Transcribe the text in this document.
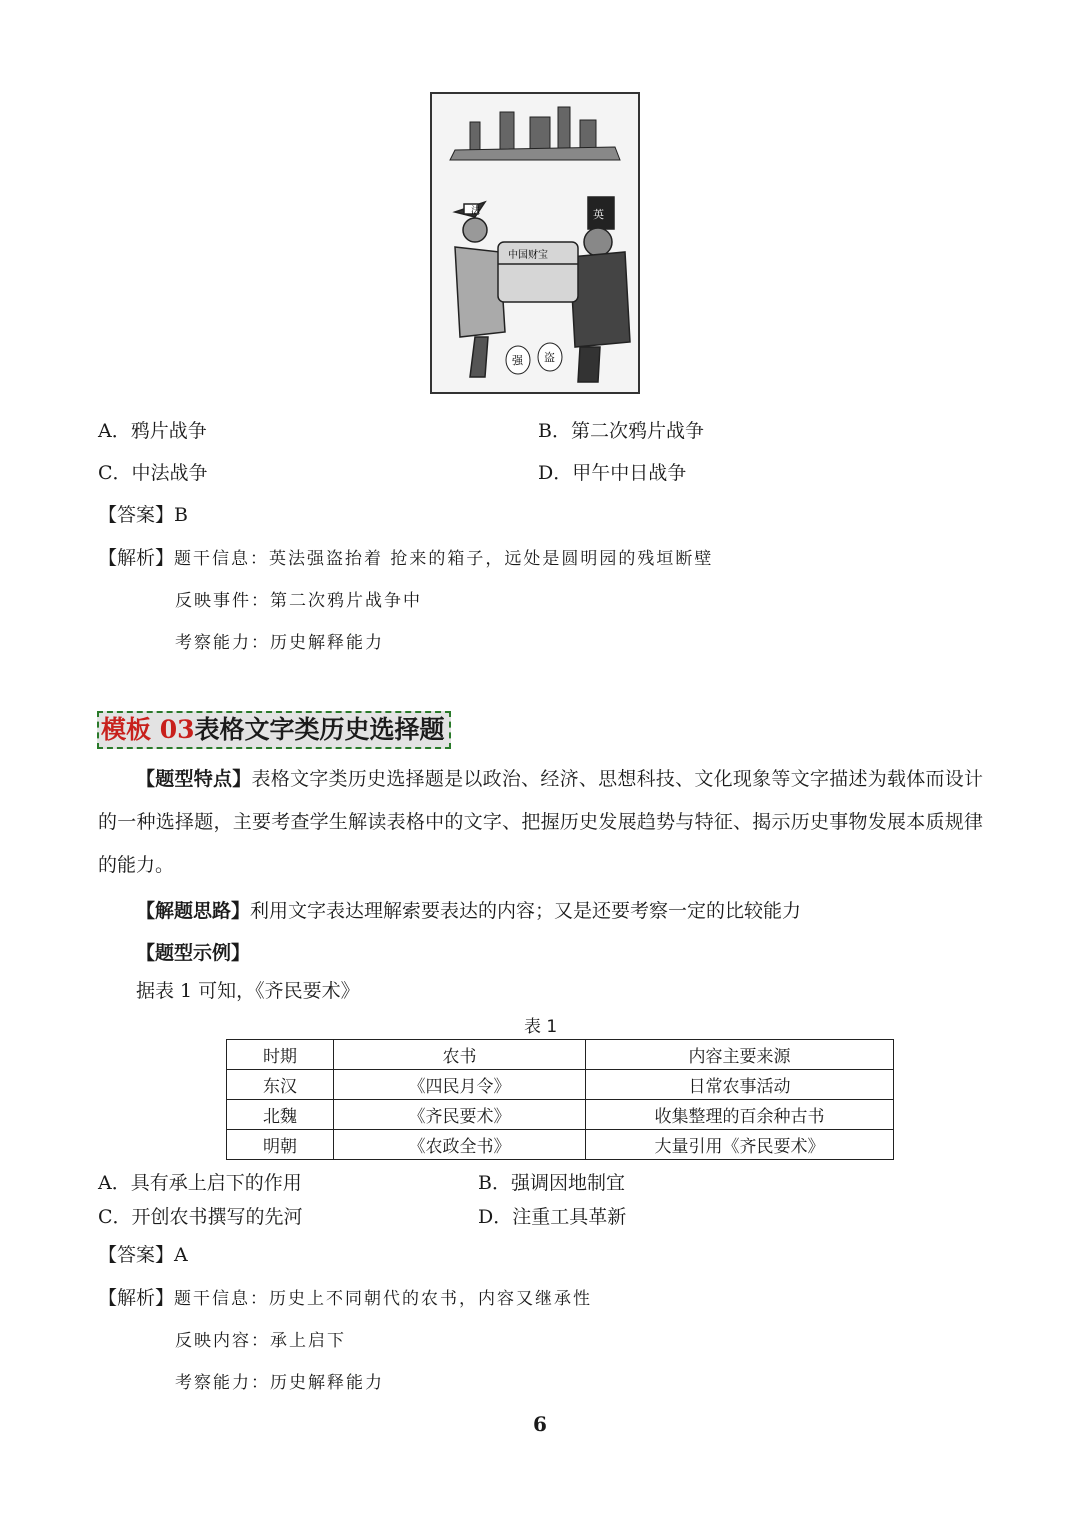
法	英
中国财宝
强 盗
A．鸦片战争	B．第二次鸦片战争
C．中法战争	D．甲午中日战争
【答案】B
【解析】题干信息：英法强盗抬着 抢来的箱子，远处是圆明园的残垣断壁
反映事件：第二次鸦片战争中
考察能力：历史解释能力
模板 03表格文字类历史选择题
【题型特点】表格文字类历史选择题是以政治、经济、思想科技、文化现象等文字描述为载体而设计的一种选择题，主要考查学生解读表格中的文字、把握历史发展趋势与特征、揭示历史事物发展本质规律的能力。
【解题思路】利用文字表达理解索要表达的内容；又是还要考察一定的比较能力
【题型示例】
据表 1 可知，《齐民要术》
表 1
时期	农书	内容主要来源
东汉	《四民月令》	日常农事活动
北魏	《齐民要术》	收集整理的百余种古书
明朝	《农政全书》	大量引用《齐民要术》
A．具有承上启下的作用	B．强调因地制宜
C．开创农书撰写的先河	D．注重工具革新
【答案】A
【解析】题干信息：历史上不同朝代的农书，内容又继承性
反映内容：承上启下
考察能力：历史解释能力
6
